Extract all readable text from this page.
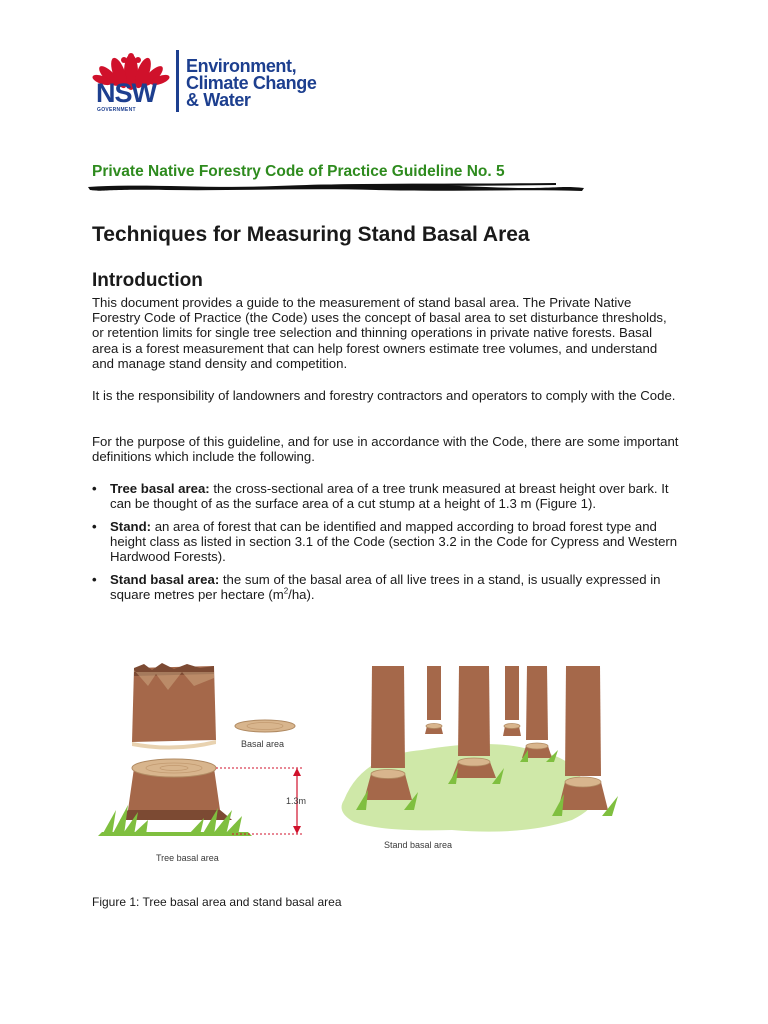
NSW
GOVERNMENT
Environment,
Climate Change
& Water
Private Native Forestry Code of Practice Guideline No. 5
Techniques for Measuring Stand Basal Area
Introduction

This document provides a guide to the measurement of stand basal area. The Private Native Forestry Code of Practice (the Code) uses the concept of basal area to set disturbance thresholds, or retention limits for single tree selection and thinning operations in private native forests. Basal area is a forest measurement that can help forest owners estimate tree volumes, and understand and manage stand density and competition.

It is the responsibility of landowners and forestry contractors and operators to comply with the Code.

For the purpose of this guideline, and for use in accordance with the Code, there are some important definitions which include the following.

• Tree basal area: the cross-sectional area of a tree trunk measured at breast height over bark. It can be thought of as the surface area of a cut stump at a height of 1.3 m (Figure 1).
• Stand: an area of forest that can be identified and mapped according to broad forest type and height class as listed in section 3.1 of the Code (section 3.2 in the Code for Cypress and Western Hardwood Forests).
• Stand basal area: the sum of the basal area of all live trees in a stand, is usually expressed in square metres per hectare $(m^2/ha)$.
Basal area
1.3m
Tree basal area
Stand basal area
Figure 1: Tree basal area and stand basal area
